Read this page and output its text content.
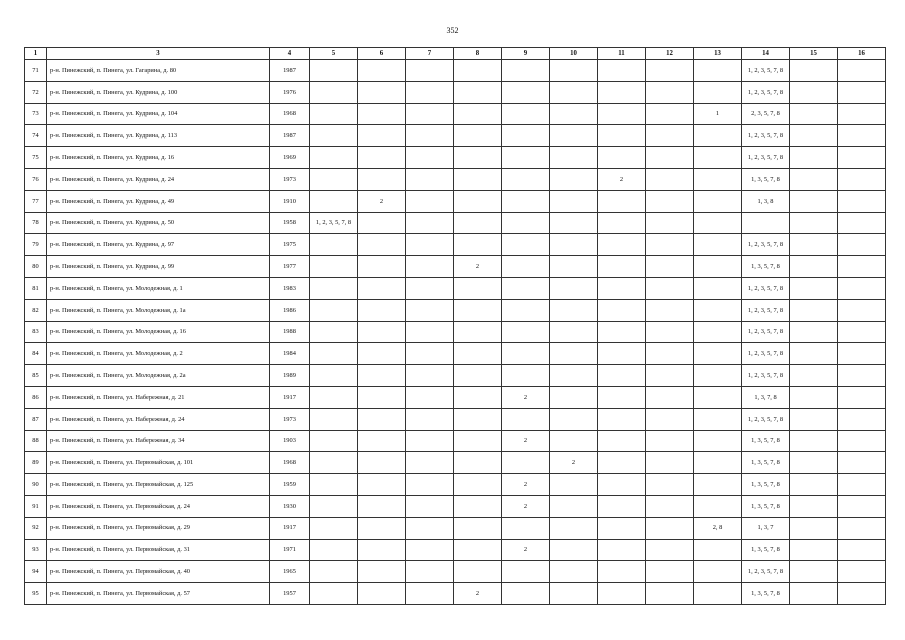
352
1	3	4	5	6	7	8	9	10	11	12	13	14	15	16
71	р-н. Пинежский, п. Пинега, ул. Гагарина, д. 80	1987										1, 2, 3, 5, 7, 8		
72	р-н. Пинежский, п. Пинега, ул. Кудрина, д. 100	1976										1, 2, 3, 5, 7, 8		
73	р-н. Пинежский, п. Пинега, ул. Кудрина, д. 104	1968									1	2, 3, 5, 7, 8		
74	р-н. Пинежский, п. Пинега, ул. Кудрина, д. 113	1987										1, 2, 3, 5, 7, 8		
75	р-н. Пинежский, п. Пинега, ул. Кудрина, д. 16	1969										1, 2, 3, 5, 7, 8		
76	р-н. Пинежский, п. Пинега, ул. Кудрина, д. 24	1973							2			1, 3, 5, 7, 8		
77	р-н. Пинежский, п. Пинега, ул. Кудрина, д. 49	1910		2								1, 3, 8		
78	р-н. Пинежский, п. Пинега, ул. Кудрина, д. 50	1958	1, 2, 3, 5, 7, 8											
79	р-н. Пинежский, п. Пинега, ул. Кудрина, д. 97	1975										1, 2, 3, 5, 7, 8		
80	р-н. Пинежский, п. Пинега, ул. Кудрина, д. 99	1977				2						1, 3, 5, 7, 8		
81	р-н. Пинежский, п. Пинега, ул. Молодежная, д. 1	1983										1, 2, 3, 5, 7, 8		
82	р-н. Пинежский, п. Пинега, ул. Молодежная, д. 1а	1986										1, 2, 3, 5, 7, 8		
83	р-н. Пинежский, п. Пинега, ул. Молодежная, д. 16	1988										1, 2, 3, 5, 7, 8		
84	р-н. Пинежский, п. Пинега, ул. Молодежная, д. 2	1984										1, 2, 3, 5, 7, 8		
85	р-н. Пинежский, п. Пинега, ул. Молодежная, д. 2а	1989										1, 2, 3, 5, 7, 8		
86	р-н. Пинежский, п. Пинега, ул. Набережная, д. 21	1917					2					1, 3, 7, 8		
87	р-н. Пинежский, п. Пинега, ул. Набережная, д. 24	1973										1, 2, 3, 5, 7, 8		
88	р-н. Пинежский, п. Пинега, ул. Набережная, д. 34	1903					2					1, 3, 5, 7, 8		
89	р-н. Пинежский, п. Пинега, ул. Первомайская, д. 101	1968						2				1, 3, 5, 7, 8		
90	р-н. Пинежский, п. Пинега, ул. Первомайская, д. 125	1959					2					1, 3, 5, 7, 8		
91	р-н. Пинежский, п. Пинега, ул. Первомайская, д. 24	1930					2					1, 3, 5, 7, 8		
92	р-н. Пинежский, п. Пинега, ул. Первомайская, д. 29	1917									2, 8	1, 3, 7		
93	р-н. Пинежский, п. Пинега, ул. Первомайская, д. 31	1971					2					1, 3, 5, 7, 8		
94	р-н. Пинежский, п. Пинега, ул. Первомайская, д. 40	1965										1, 2, 3, 5, 7, 8		
95	р-н. Пинежский, п. Пинега, ул. Первомайская, д. 57	1957				2						1, 3, 5, 7, 8		
